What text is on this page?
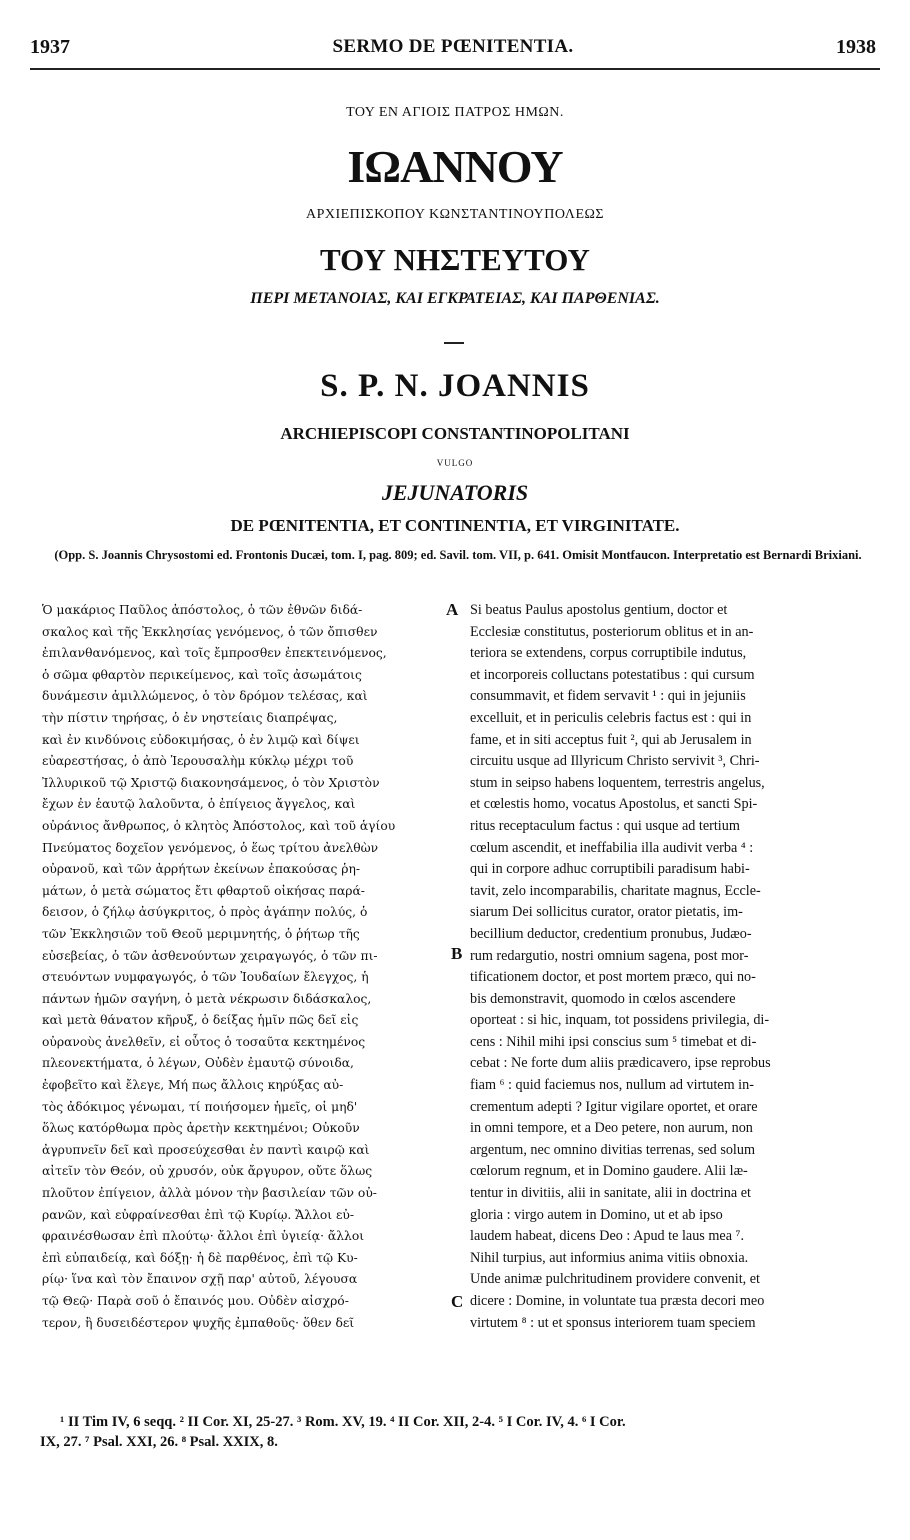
1937	SERMO DE PŒNITENTIA.	1938
ΤΟΥ ΕΝ ΑΓΙΟΙΣ ΠΑΤΡΟΣ ΗΜΩΝ.
ΙΩΑΝΝΟΥ
ΑΡΧΙΕΠΙΣΚΟΠΟΥ ΚΩΝΣΤΑΝΤΙΝΟΥΠΟΛΕΩΣ
ΤΟΥ ΝΗΣΤΕΥΤΟΥ
ΠΕΡΙ ΜΕΤΑΝΟΙΑΣ, ΚΑΙ ΕΓΚΡΑΤΕΙΑΣ, ΚΑΙ ΠΑΡΘΕΝΙΑΣ.
S. P. N. JOANNIS
ARCHIEPISCOPI CONSTANTINOPOLITANI
VULGO
JEJUNATORIS
DE PŒNITENTIA, ET CONTINENTIA, ET VIRGINITATE.
(Opp. S. Joannis Chrysostomi ed. Frontonis Ducæi, tom. I, pag. 809; ed. Savil. tom. VII, p. 641. Omisit Montfaucon. Interpretatio est Bernardi Brixiani.
Ὁ μακάριος Παῦλος ἀπόστολος, ὁ τῶν ἐθνῶν διδά-
σκαλος καὶ τῆς Ἐκκλησίας γενόμενος, ὁ τῶν ὄπισθεν
ἐπιλανθανόμενος, καὶ τοῖς ἔμπροσθεν ἐπεκτεινόμενος,
ὁ σῶμα φθαρτὸν περικείμενος, καὶ τοῖς ἀσωμάτοις
δυνάμεσιν ἁμιλλώμενος, ὁ τὸν δρόμον τελέσας, καὶ
τὴν πίστιν τηρήσας, ὁ ἐν νηστείαις διαπρέψας,
καὶ ἐν κινδύνοις εὐδοκιμήσας, ὁ ἐν λιμῷ καὶ δίψει
εὐαρεστήσας, ὁ ἀπὸ Ἱερουσαλὴμ κύκλῳ μέχρι τοῦ
Ἰλλυρικοῦ τῷ Χριστῷ διακονησάμενος, ὁ τὸν Χριστὸν
ἔχων ἐν ἑαυτῷ λαλοῦντα, ὁ ἐπίγειος ἄγγελος, καὶ
οὐράνιος ἄνθρωπος, ὁ κλητὸς Ἀπόστολος, καὶ τοῦ ἁγίου
Πνεύματος δοχεῖον γενόμενος, ὁ ἕως τρίτου ἀνελθὼν
οὐρανοῦ, καὶ τῶν ἀρρήτων ἐκείνων ἐπακούσας ῥη-
μάτων, ὁ μετὰ σώματος ἔτι φθαρτοῦ οἰκήσας παρά-
δεισον, ὁ ζήλῳ ἀσύγκριτος, ὁ πρὸς ἀγάπην πολύς, ὁ
τῶν Ἐκκλησιῶν τοῦ Θεοῦ μεριμνητής, ὁ ῥήτωρ τῆς
εὐσεβείας, ὁ τῶν ἀσθενούντων χειραγωγός, ὁ τῶν πι-
στευόντων νυμφαγωγός, ὁ τῶν Ἰουδαίων ἔλεγχος, ἡ
πάντων ἡμῶν σαγήνη, ὁ μετὰ νέκρωσιν διδάσκαλος,
καὶ μετὰ θάνατον κῆρυξ, ὁ δείξας ἡμῖν πῶς δεῖ εἰς
οὐρανοὺς ἀνελθεῖν, εἰ οὗτος ὁ τοσαῦτα κεκτημένος
πλεονεκτήματα, ὁ λέγων, Οὐδὲν ἐμαυτῷ σύνοιδα,
ἐφοβεῖτο καὶ ἔλεγε, Μή πως ἄλλοις κηρύξας αὐ-
τὸς ἀδόκιμος γένωμαι, τί ποιήσομεν ἡμεῖς, οἱ μηδ'
ὅλως κατόρθωμα πρὸς ἀρετὴν κεκτημένοι; Οὐκοῦν
ἀγρυπνεῖν δεῖ καὶ προσεύχεσθαι ἐν παντὶ καιρῷ καὶ
αἰτεῖν τὸν Θεόν, οὐ χρυσόν, οὐκ ἄργυρον, οὔτε ὅλως
πλοῦτον ἐπίγειον, ἀλλὰ μόνον τὴν βασιλείαν τῶν οὐ-
ρανῶν, καὶ εὐφραίνεσθαι ἐπὶ τῷ Κυρίῳ. Ἄλλοι εὐ-
φραινέσθωσαν ἐπὶ πλούτῳ· ἄλλοι ἐπὶ ὑγιείᾳ· ἄλλοι
ἐπὶ εὐπαιδείᾳ, καὶ δόξῃ· ἡ δὲ παρθένος, ἐπὶ τῷ Κυ-
ρίῳ· ἵνα καὶ τὸν ἔπαινον σχῇ παρ' αὐτοῦ, λέγουσα
τῷ Θεῷ· Παρὰ σοῦ ὁ ἔπαινός μου. Οὐδὲν αἰσχρό-
τερον, ἢ δυσειδέστερον ψυχῆς ἐμπαθοῦς· ὅθεν δεῖ
Si beatus Paulus apostolus gentium, doctor et
Ecclesiæ constitutus, posteriorum oblitus et in an-
teriora se extendens, corpus corruptibile indutus,
et incorporeis colluctans potestatibus : qui cursum
consummavit, et fidem servavit ¹ : qui in jejuniis
excelluit, et in periculis celebris factus est : qui in
fame, et in siti acceptus fuit ², qui ab Jerusalem in
circuitu usque ad Illyricum Christo servivit ³, Chri-
stum in seipso habens loquentem, terrestris angelus,
et cœlestis homo, vocatus Apostolus, et sancti Spi-
ritus receptaculum factus : qui usque ad tertium
cœlum ascendit, et ineffabilia illa audivit verba ⁴ :
qui in corpore adhuc corruptibili paradisum habi-
tavit, zelo incomparabilis, charitate magnus, Eccle-
siarum Dei sollicitus curator, orator pietatis, im-
becillium deductor, credentium pronubus, Judæo-
rum redargutio, nostri omnium sagena, post mor-
tificationem doctor, et post mortem præco, qui no-
bis demonstravit, quomodo in cœlos ascendere
oporteat : si hic, inquam, tot possidens privilegia, di-
cens : Nihil mihi ipsi conscius sum ⁵ timebat et di-
cebat : Ne forte dum aliis prædicavero, ipse reprobus
fiam ⁶ : quid faciemus nos, nullum ad virtutem in-
crementum adepti ? Igitur vigilare oportet, et orare
in omni tempore, et a Deo petere, non aurum, non
argentum, nec omnino divitias terrenas, sed solum
cœlorum regnum, et in Domino gaudere. Alii læ-
tentur in divitiis, alii in sanitate, alii in doctrina et
gloria : virgo autem in Domino, ut et ab ipso
laudem habeat, dicens Deo : Apud te laus mea ⁷.
Nihil turpius, aut informius anima vitiis obnoxia.
Unde animæ pulchritudinem providere convenit, et
dicere : Domine, in voluntate tua præsta decori meo
virtutem ⁸ : ut et sponsus interiorem tuam speciem
A
B
C
¹ II Tim IV, 6 seqq. ² II Cor. XI, 25-27. ³ Rom. XV, 19. ⁴ II Cor. XII, 2-4. ⁵ I Cor. IV, 4. ⁶ I Cor.
IX, 27. ⁷ Psal. XXI, 26. ⁸ Psal. XXIX, 8.
